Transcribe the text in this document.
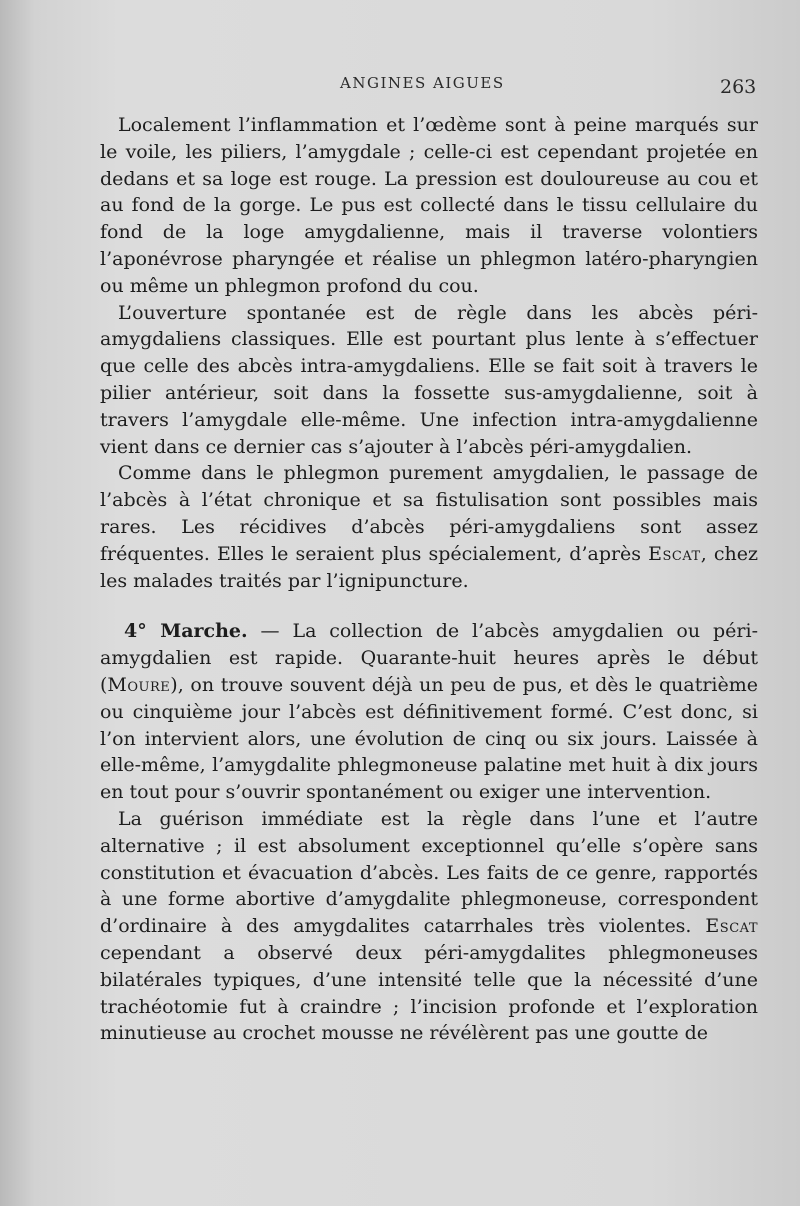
ANGINES AIGUES	263

Localement l’inflammation et l’œdème sont à peine marqués sur le voile, les piliers, l’amygdale ; celle-ci est cependant projetée en dedans et sa loge est rouge. La pression est douloureuse au cou et au fond de la gorge. Le pus est collecté dans le tissu cellulaire du fond de la loge amygdalienne, mais il traverse volontiers l’aponévrose pharyngée et réalise un phlegmon latéro-pharyngien ou même un phlegmon profond du cou.

L’ouverture spontanée est de règle dans les abcès péri-amygdaliens classiques. Elle est pourtant plus lente à s’effectuer que celle des abcès intra-amygdaliens. Elle se fait soit à travers le pilier antérieur, soit dans la fossette sus-amygdalienne, soit à travers l’amygdale elle-même. Une infection intra-amygdalienne vient dans ce dernier cas s’ajouter à l’abcès péri-amygdalien.

Comme dans le phlegmon purement amygdalien, le passage de l’abcès à l’état chronique et sa fistulisation sont possibles mais rares. Les récidives d’abcès péri-amygdaliens sont assez fréquentes. Elles le seraient plus spécialement, d’après Escat, chez les malades traités par l’ignipuncture.

4° Marche. — La collection de l’abcès amygdalien ou péri-amygdalien est rapide. Quarante-huit heures après le début (Moure), on trouve souvent déjà un peu de pus, et dès le quatrième ou cinquième jour l’abcès est définitivement formé. C’est donc, si l’on intervient alors, une évolution de cinq ou six jours. Laissée à elle-même, l’amygdalite phlegmoneuse palatine met huit à dix jours en tout pour s’ouvrir spontanément ou exiger une intervention.

La guérison immédiate est la règle dans l’une et l’autre alternative ; il est absolument exceptionnel qu’elle s’opère sans constitution et évacuation d’abcès. Les faits de ce genre, rapportés à une forme abortive d’amygdalite phlegmoneuse, correspondent d’ordinaire à des amygdalites catarrhales très violentes. Escat cependant a observé deux péri-amygdalites phlegmoneuses bilatérales typiques, d’une intensité telle que la nécessité d’une trachéotomie fut à craindre ; l’incision profonde et l’exploration minutieuse au crochet mousse ne révélèrent pas une goutte de
